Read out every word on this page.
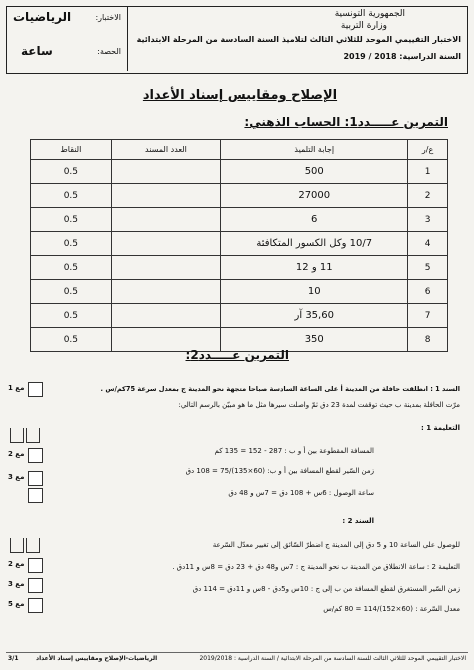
الاختبار:
الرياضيات
الحصة:
ساعة
الجمهورية التونسية
وزارة التربية
الاختبار التقييمي الموحد للثلاثي الثالث لتلاميذ السنة السادسة من المرحلة الابتدائية
السنة الدراسية: 2018 / 2019
الإصلاح ومقاييس إسناد الأعداد
التمرين عـــــدد1: الحساب الذهني:
ع/ر	إجابة التلميذ	العدد المسند	النقاط
1	500		0.5
2	27000		0.5
3	6		0.5
4	10/7 وكل الكسور المتكافئة		0.5
5	11 و 12		0.5
6	10		0.5
7	35,60 آر		0.5
8	350		0.5
التمرين عـــــدد2:
مع 1
مع 2
مع 3
مع 2
مع 3
مع 5
السند 1 : انطلقت حافلة من المدينة أ على الساعة السادسة صباحا متجهة نحو المدينة ج بمعدل سرعة 75كم/س .
مرّت الحافلة بمدينة ب حيث توقفت لمدة 23 دق ثمّ واصلت سيرها مثل ما هو مبيّن بالرسم التالي:
التعليمة 1 :
المسافة المقطوعة بين أ و ب : 287 - 152 = 135 كم
زمن السّير لقطع المسافة بين أ و ب: (60×135)/75 = 108 دق
ساعة الوصول : 6س + 108 دق = 7س و 48 دق
السند 2 :
للوصول على الساعة 10 و 5 دق إلى المدينة ج اضطرّ السّائق إلى تغيير معدّل السّرعة
التعليمة 2 : ساعة الانطلاق من المدينة ب نحو المدينة ج : 7س و48 دق + 23 دق = 8س و 11دق .
زمن السّير المستغرق لقطع المسافة من ب إلى ج : 10س و5دق - 8س و 11دق = 114 دق
معدل السّرعة : (60×152)/114 = 80 كم/س
3/1	الرياضيات-الإصلاح ومقاييس إسناد الأعداد	الاختبار التقييمي الموحد للثلاثي الثالث للسنة السادسة من المرحلة الابتدائية / السنة الدراسية : 2019/2018
